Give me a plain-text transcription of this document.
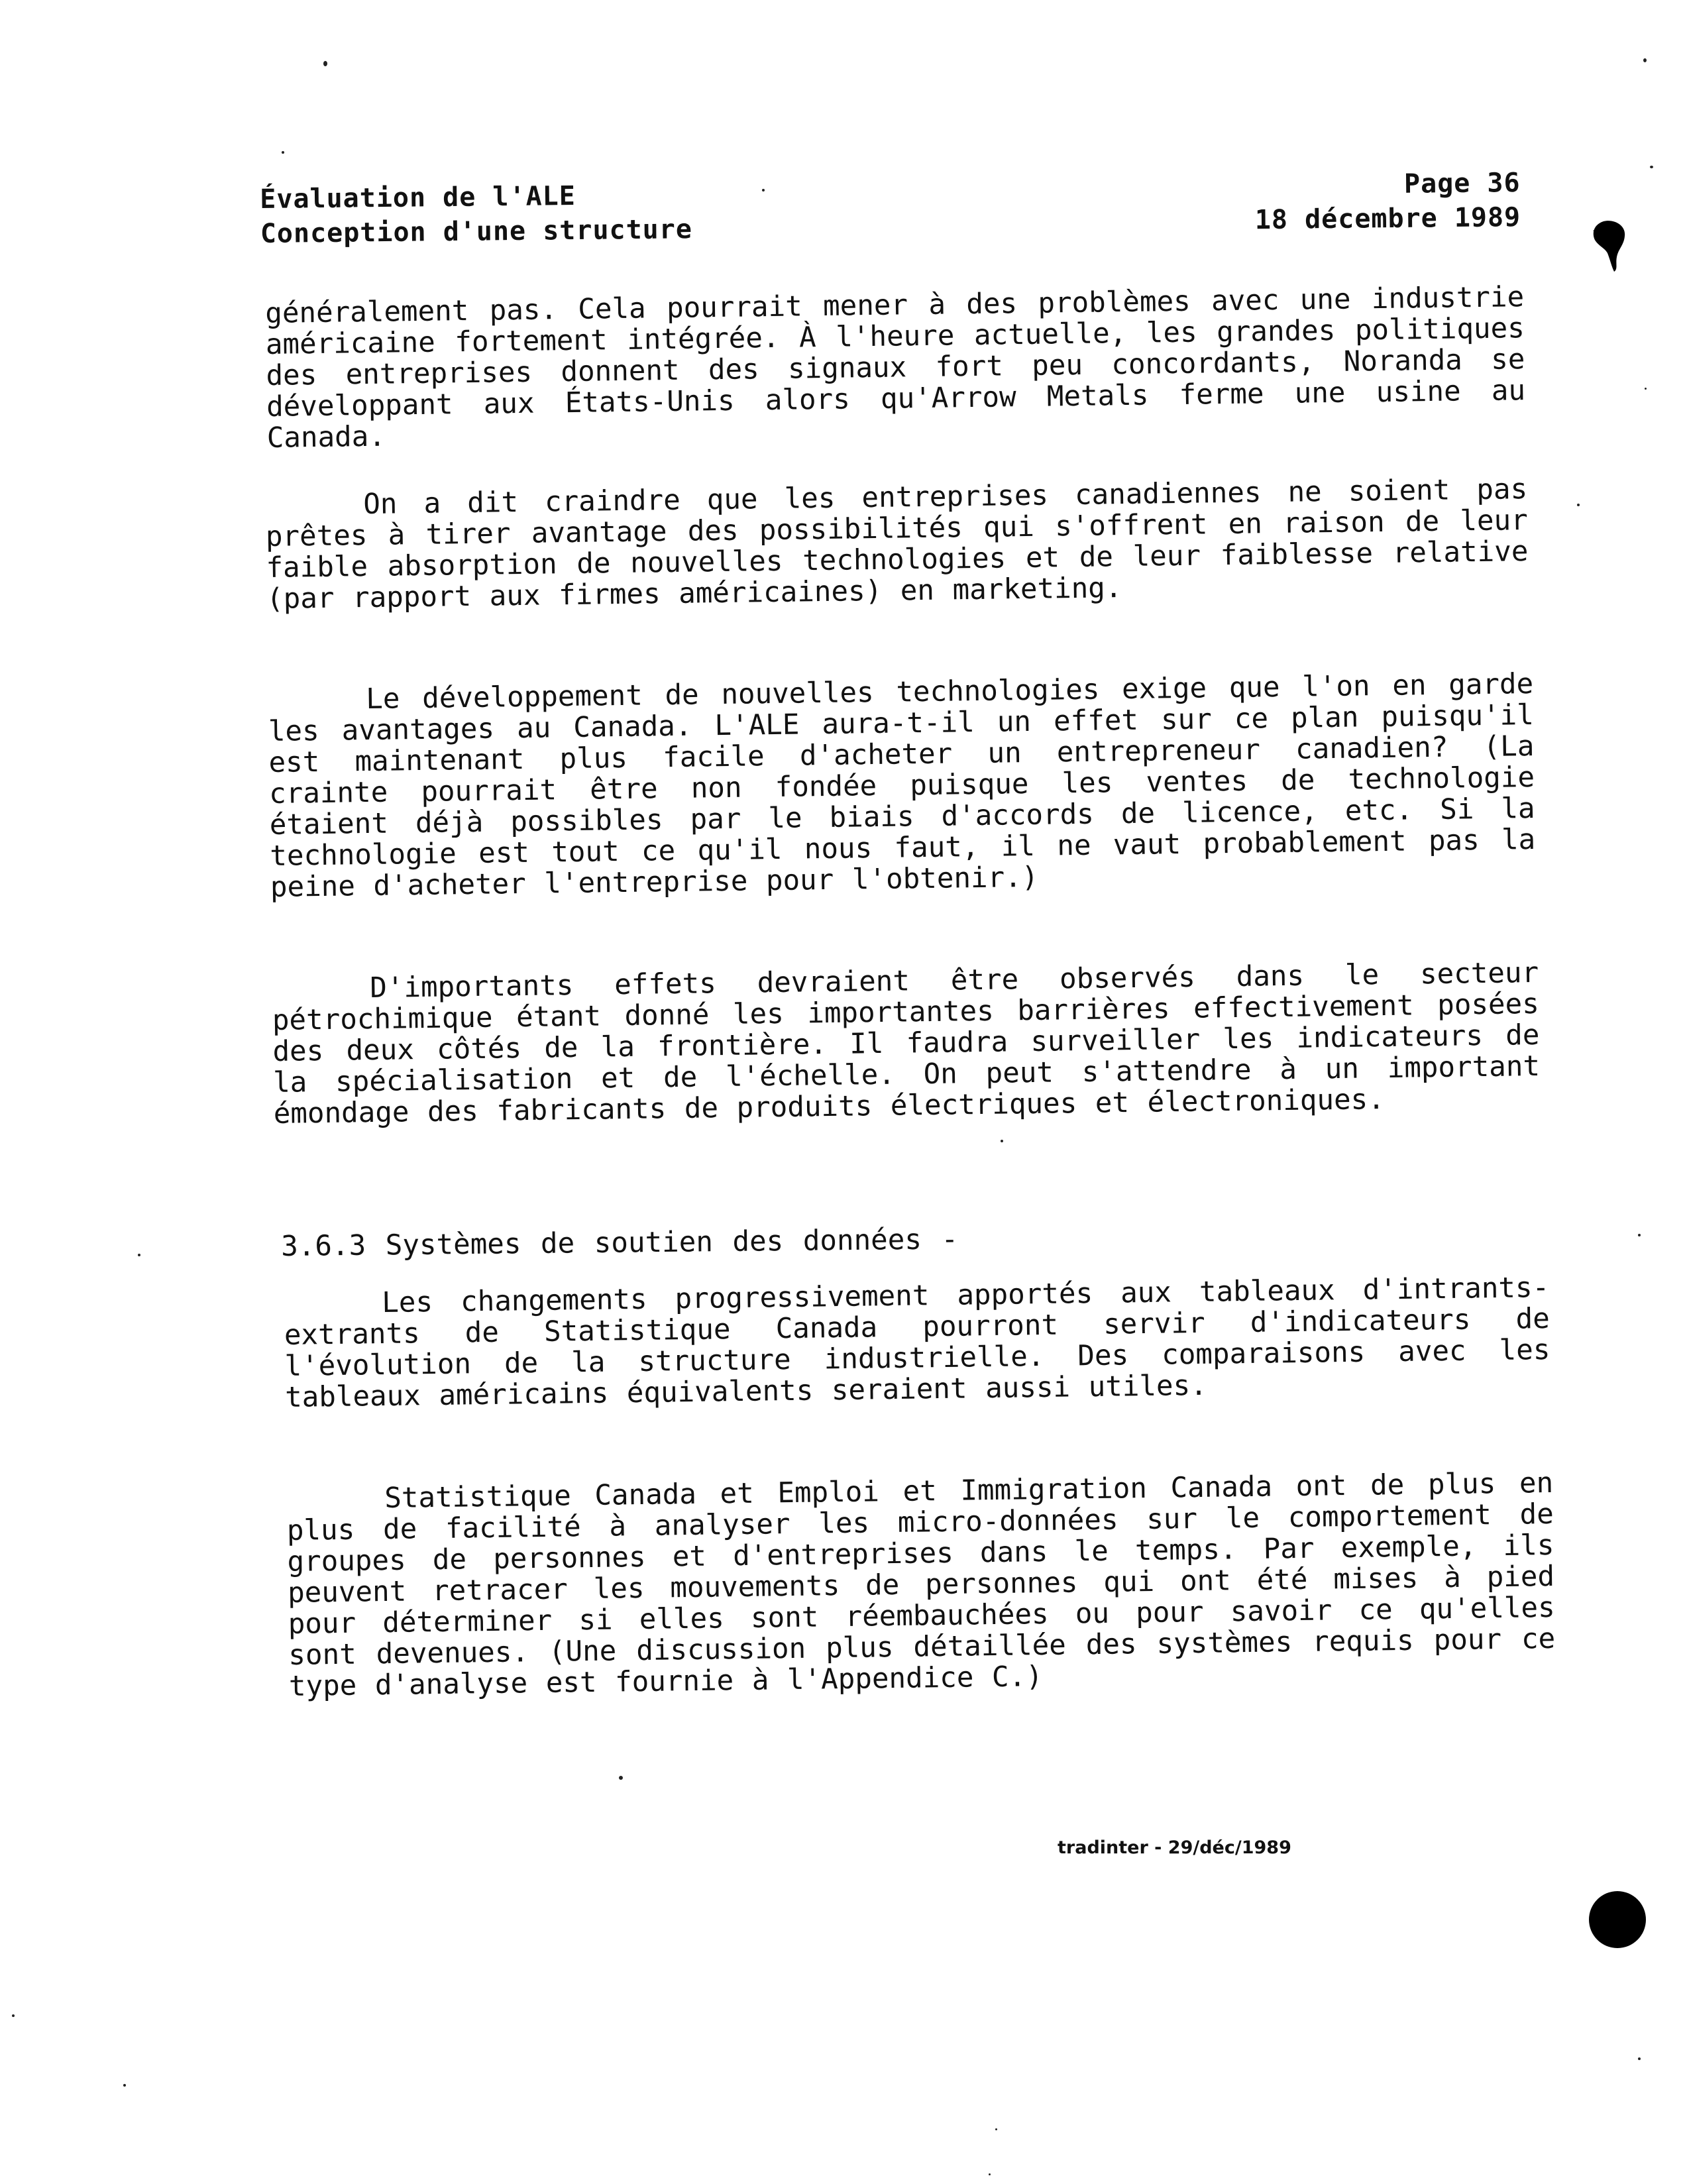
Évaluation de l'ALE
Conception d'une structure
Page 36
18 décembre 1989

généralement pas. Cela pourrait mener à des problèmes avec une industrie américaine fortement intégrée. À l'heure actuelle, les grandes politiques des entreprises donnent des signaux fort peu concordants, Noranda se développant aux États-Unis alors qu'Arrow Metals ferme une usine au Canada.

On a dit craindre que les entreprises canadiennes ne soient pas prêtes à tirer avantage des possibilités qui s'offrent en raison de leur faible absorption de nouvelles technologies et de leur faiblesse relative (par rapport aux firmes américaines) en marketing.

Le développement de nouvelles technologies exige que l'on en garde les avantages au Canada. L'ALE aura-t-il un effet sur ce plan puisqu'il est maintenant plus facile d'acheter un entrepreneur canadien? (La crainte pourrait être non fondée puisque les ventes de technologie étaient déjà possibles par le biais d'accords de licence, etc. Si la technologie est tout ce qu'il nous faut, il ne vaut probablement pas la peine d'acheter l'entreprise pour l'obtenir.)

D'importants effets devraient être observés dans le secteur pétrochimique étant donné les importantes barrières effectivement posées des deux côtés de la frontière. Il faudra surveiller les indicateurs de la spécialisation et de l'échelle. On peut s'attendre à un important émondage des fabricants de produits électriques et électroniques.

3.6.3 Systèmes de soutien des données -

Les changements progressivement apportés aux tableaux d'intrants-extrants de Statistique Canada pourront servir d'indicateurs de l'évolution de la structure industrielle. Des comparaisons avec les tableaux américains équivalents seraient aussi utiles.

Statistique Canada et Emploi et Immigration Canada ont de plus en plus de facilité à analyser les micro-données sur le comportement de groupes de personnes et d'entreprises dans le temps. Par exemple, ils peuvent retracer les mouvements de personnes qui ont été mises à pied pour déterminer si elles sont réembauchées ou pour savoir ce qu'elles sont devenues. (Une discussion plus détaillée des systèmes requis pour ce type d'analyse est fournie à l'Appendice C.)

tradinter - 29/déc/1989
